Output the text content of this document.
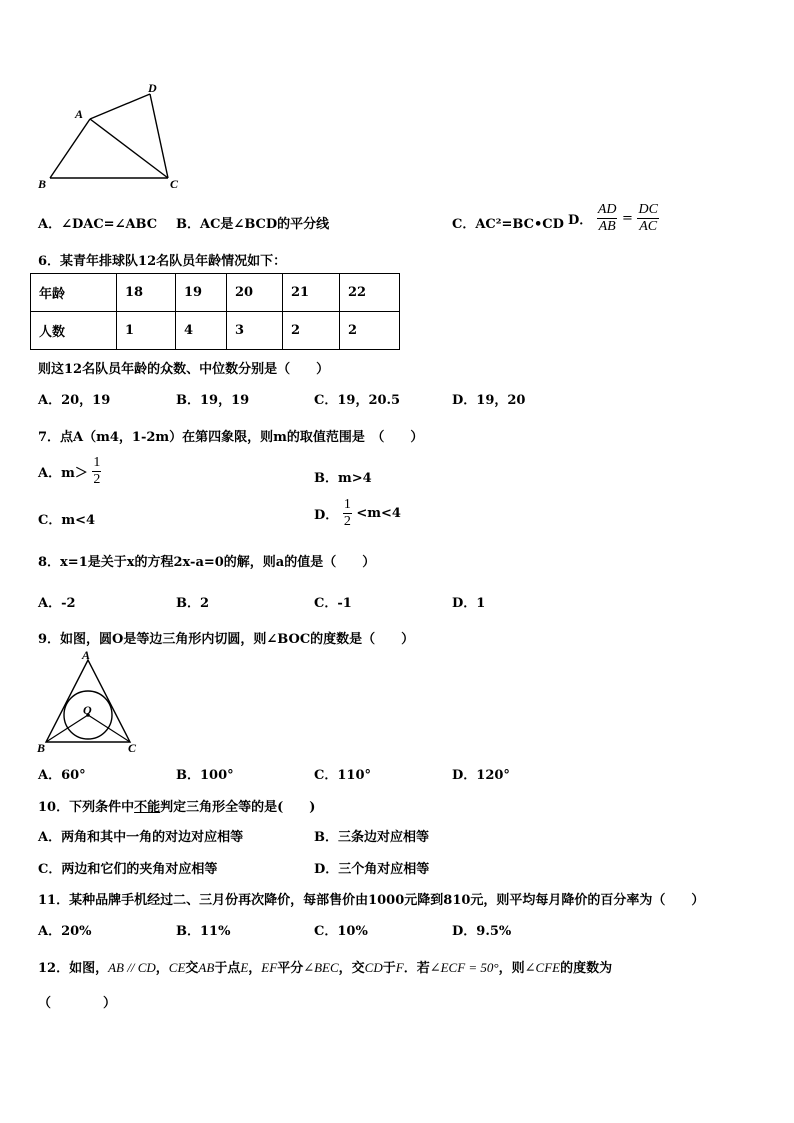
A
B	C
D
A．∠DAC=∠ABC B．AC是∠BCD的平分线	C．AC²=BC•CD D． $\frac{AD}{AB} = \frac{DC}{AC}$
6．某青年排球队12名队员年龄情况如下：
年龄	18	19	20	21	22
人数	1	4	3	2	2
则这12名队员年龄的众数、中位数分别是（　　）
A．20，19	B．19，19	C．19，20.5	D．19，20
7．点A（m4，1-2m）在第四象限，则m的取值范围是　（　　）
A．$m> \frac{1}{2}$	B．m>4
C．m<4	D． $\frac{1}{2} <m<4$
8．x=1是关于x的方程2x-a=0的解，则a的值是（　　）
A．-2	B．2	C．-1	D．1
9．如图，圆O是等边三角形内切圆，则∠BOC的度数是（　　）
A
B	C
O
A．60°	B．100°	C．110°	D．120°
10．下列条件中不能判定三角形全等的是(　　)
A．两角和其中一角的对边对应相等	B．三条边对应相等
C．两边和它们的夹角对应相等	D．三个角对应相等
11．某种品牌手机经过二、三月份再次降价，每部售价由1000元降到810元，则平均每月降价的百分率为（　　）
A．20%	B．11%	C．10%	D．9.5%
12．如图，AB // CD，CE交AB于点E，EF平分∠BEC，交CD于F．若∠ECF = 50°，则∠CFE的度数为
（　　　　）
